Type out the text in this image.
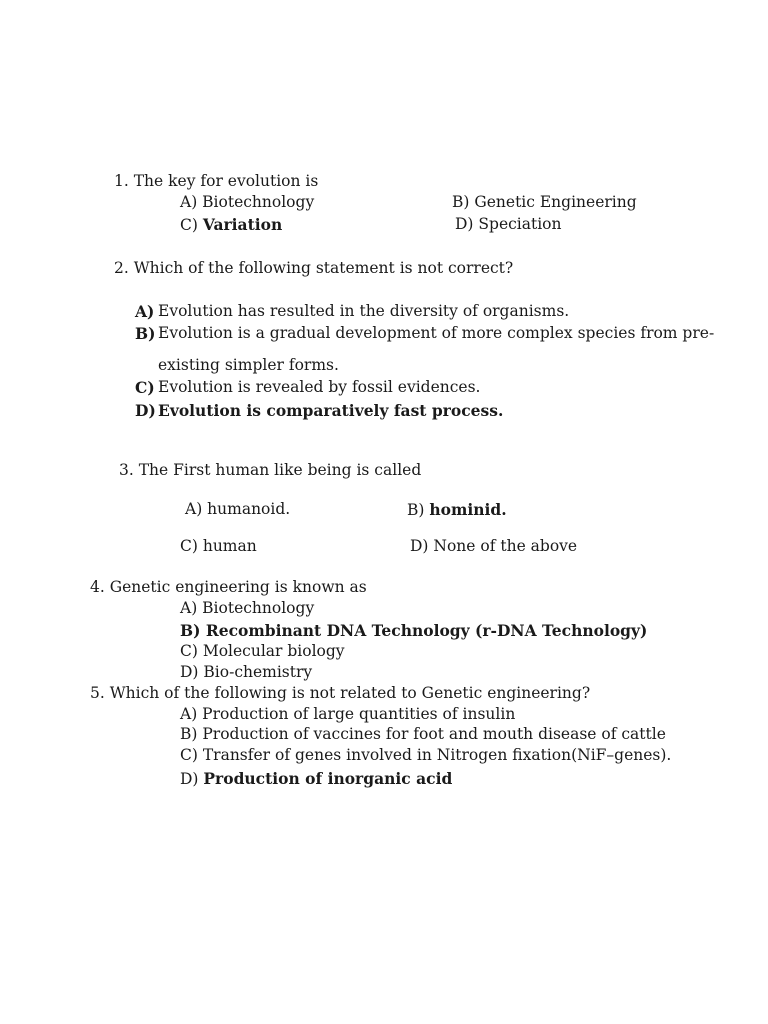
1. The key for evolution is
A) Biotechnology	B) Genetic Engineering
C) Variation	D) Speciation
2. Which of the following statement is not correct?
A) Evolution has resulted in the diversity of organisms.
B) Evolution is a gradual development of more complex species from pre-
existing simpler forms.
C) Evolution is revealed by fossil evidences.
D) Evolution is comparatively fast process.
3. The First human like being is called
A) humanoid.	B) hominid.
C) human	D) None of the above
4. Genetic engineering is known as
A) Biotechnology
B) Recombinant DNA Technology (r-DNA Technology)
C) Molecular biology
D) Bio-chemistry
5. Which of the following is not related to Genetic engineering?
A) Production of large quantities of insulin
B) Production of vaccines for foot and mouth disease of cattle
C) Transfer of genes involved in Nitrogen fixation(NiF–genes).
D) Production of inorganic acid
